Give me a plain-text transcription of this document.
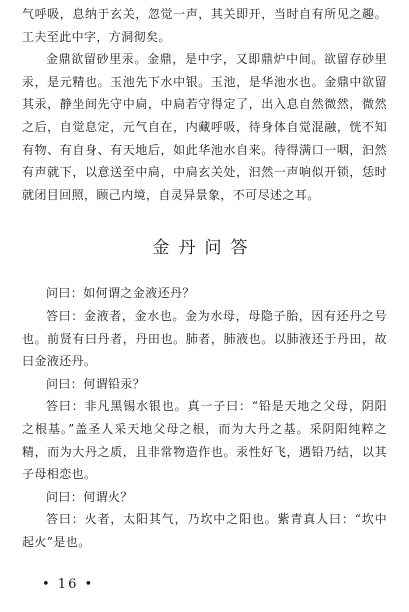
气呼吸，息纳于玄关，忽觉一声，其关即开，当时自有所见之趣。工夫至此中字，方洞彻矣。

金鼎欲留砂里汞。金鼎，是中字，又即鼎炉中间。欲留存砂里汞，是元精也。玉池先下水中银。玉池，是华池水也。金鼎中欲留其汞，静坐间先守中扃，中扃若守得定了，出入息自然微然，微然之后，自觉息定，元气自在，内藏呼吸，待身体自觉混融，恍不知有物、有自身、有天地后，如此华池水自来。待得满口一咽，汩然有声就下，以意送至中扃，中扃玄关处，汩然一声响似开锁，恁时就闭目回照，顾己内境，自灵异景象，不可尽述之耳。

金丹问答

问曰：如何谓之金液还丹？

答曰：金液者，金水也。金为水母，母隐子胎，因有还丹之号也。前贤有曰丹者，丹田也。肺者，肺液也。以肺液还于丹田，故曰金液还丹。

问曰：何谓铅汞？

答曰：非凡黑锡水银也。真一子曰：“铅是天地之父母，阴阳之根基。”盖圣人采天地父母之根，而为大丹之基。采阴阳纯粹之精，而为大丹之质，且非常物造作也。汞性好飞，遇铅乃结，以其子母相恋也。

问曰：何谓火？

答曰：火者，太阳其气，乃坎中之阳也。紫青真人曰：“坎中起火”是也。

• 16 •
